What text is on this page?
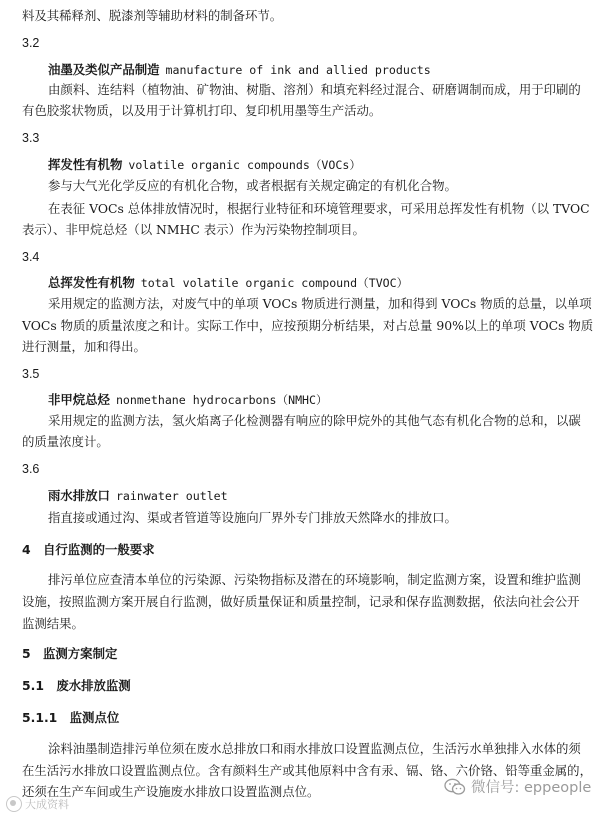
料及其稀释剂、脱漆剂等辅助材料的制备环节。
3.2
油墨及类似产品制造 manufacture of ink and allied products
由颜料、连结料（植物油、矿物油、树脂、溶剂）和填充料经过混合、研磨调制而成，用于印刷的
有色胶浆状物质，以及用于计算机打印、复印机用墨等生产活动。
3.3
挥发性有机物 volatile organic compounds（VOCs）
参与大气光化学反应的有机化合物，或者根据有关规定确定的有机化合物。
在表征 VOCs 总体排放情况时，根据行业特征和环境管理要求，可采用总挥发性有机物（以 TVOC
表示）、非甲烷总烃（以 NMHC 表示）作为污染物控制项目。
3.4
总挥发性有机物 total volatile organic compound（TVOC）
采用规定的监测方法，对废气中的单项 VOCs 物质进行测量，加和得到 VOCs 物质的总量，以单项
VOCs 物质的质量浓度之和计。实际工作中，应按预期分析结果，对占总量 90%以上的单项 VOCs 物质
进行测量，加和得出。
3.5
非甲烷总烃 nonmethane hydrocarbons（NMHC）
采用规定的监测方法，氢火焰离子化检测器有响应的除甲烷外的其他气态有机化合物的总和，以碳
的质量浓度计。
3.6
雨水排放口 rainwater outlet
指直接或通过沟、渠或者管道等设施向厂界外专门排放天然降水的排放口。
4　自行监测的一般要求
排污单位应查清本单位的污染源、污染物指标及潜在的环境影响，制定监测方案，设置和维护监测
设施，按照监测方案开展自行监测，做好质量保证和质量控制，记录和保存监测数据，依法向社会公开
监测结果。
5　监测方案制定
5.1　废水排放监测
5.1.1　监测点位
涂料油墨制造排污单位须在废水总排放口和雨水排放口设置监测点位，生活污水单独排入水体的须
在生活污水排放口设置监测点位。含有颜料生产或其他原料中含有汞、镉、铬、六价铬、铅等重金属的，
还须在生产车间或生产设施废水排放口设置监测点位。
大成资料
微信号: eppeople
